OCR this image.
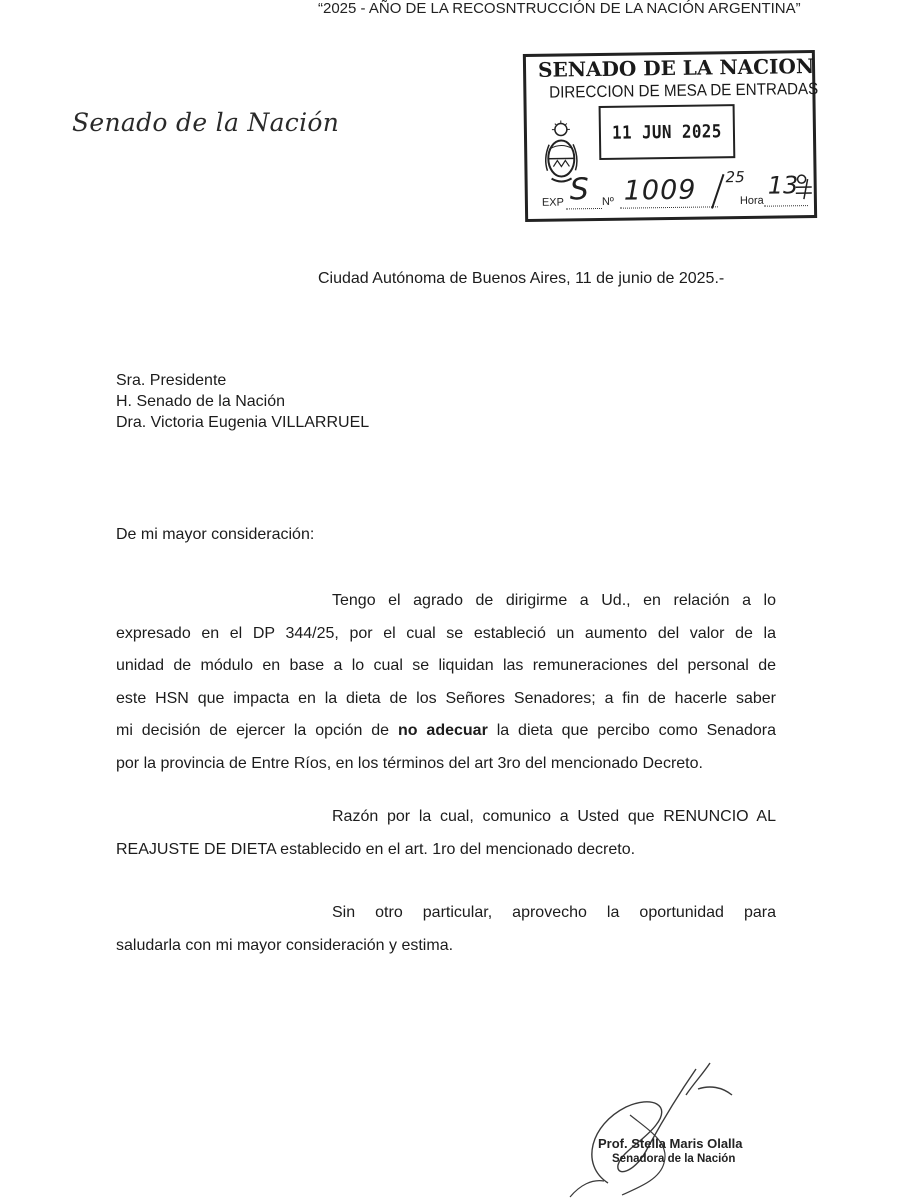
“2025 - AÑO DE LA RECOSNTRUCCIÓN DE LA NACIÓN ARGENTINA”
Senado de la Nación
SENADO DE LA NACION
DIRECCION DE MESA DE ENTRADAS
11 JUN 2025
EXP S Nº 1009 25
Hora
13
Ciudad Autónoma de Buenos Aires, 11 de junio de 2025.-
Sra. Presidente
H. Senado de la Nación
Dra. Victoria Eugenia VILLARRUEL
De mi mayor consideración:
Tengo el agrado de dirigirme a Ud., en relación a lo
expresado en el DP 344/25, por el cual se estableció un aumento del valor de la
unidad de módulo en base a lo cual se liquidan las remuneraciones del personal de
este HSN que impacta en la dieta de los Señores Senadores; a fin de hacerle saber
mi decisión de ejercer la opción de no adecuar la dieta que percibo como Senadora
por la provincia de Entre Ríos, en los términos del art 3ro del mencionado Decreto.
Razón por la cual, comunico a Usted que RENUNCIO AL
REAJUSTE DE DIETA establecido en el art. 1ro del mencionado decreto.
Sin otro particular, aprovecho la oportunidad para
saludarla con mi mayor consideración y estima.
Prof. Stella Maris Olalla
Senadora de la Nación
